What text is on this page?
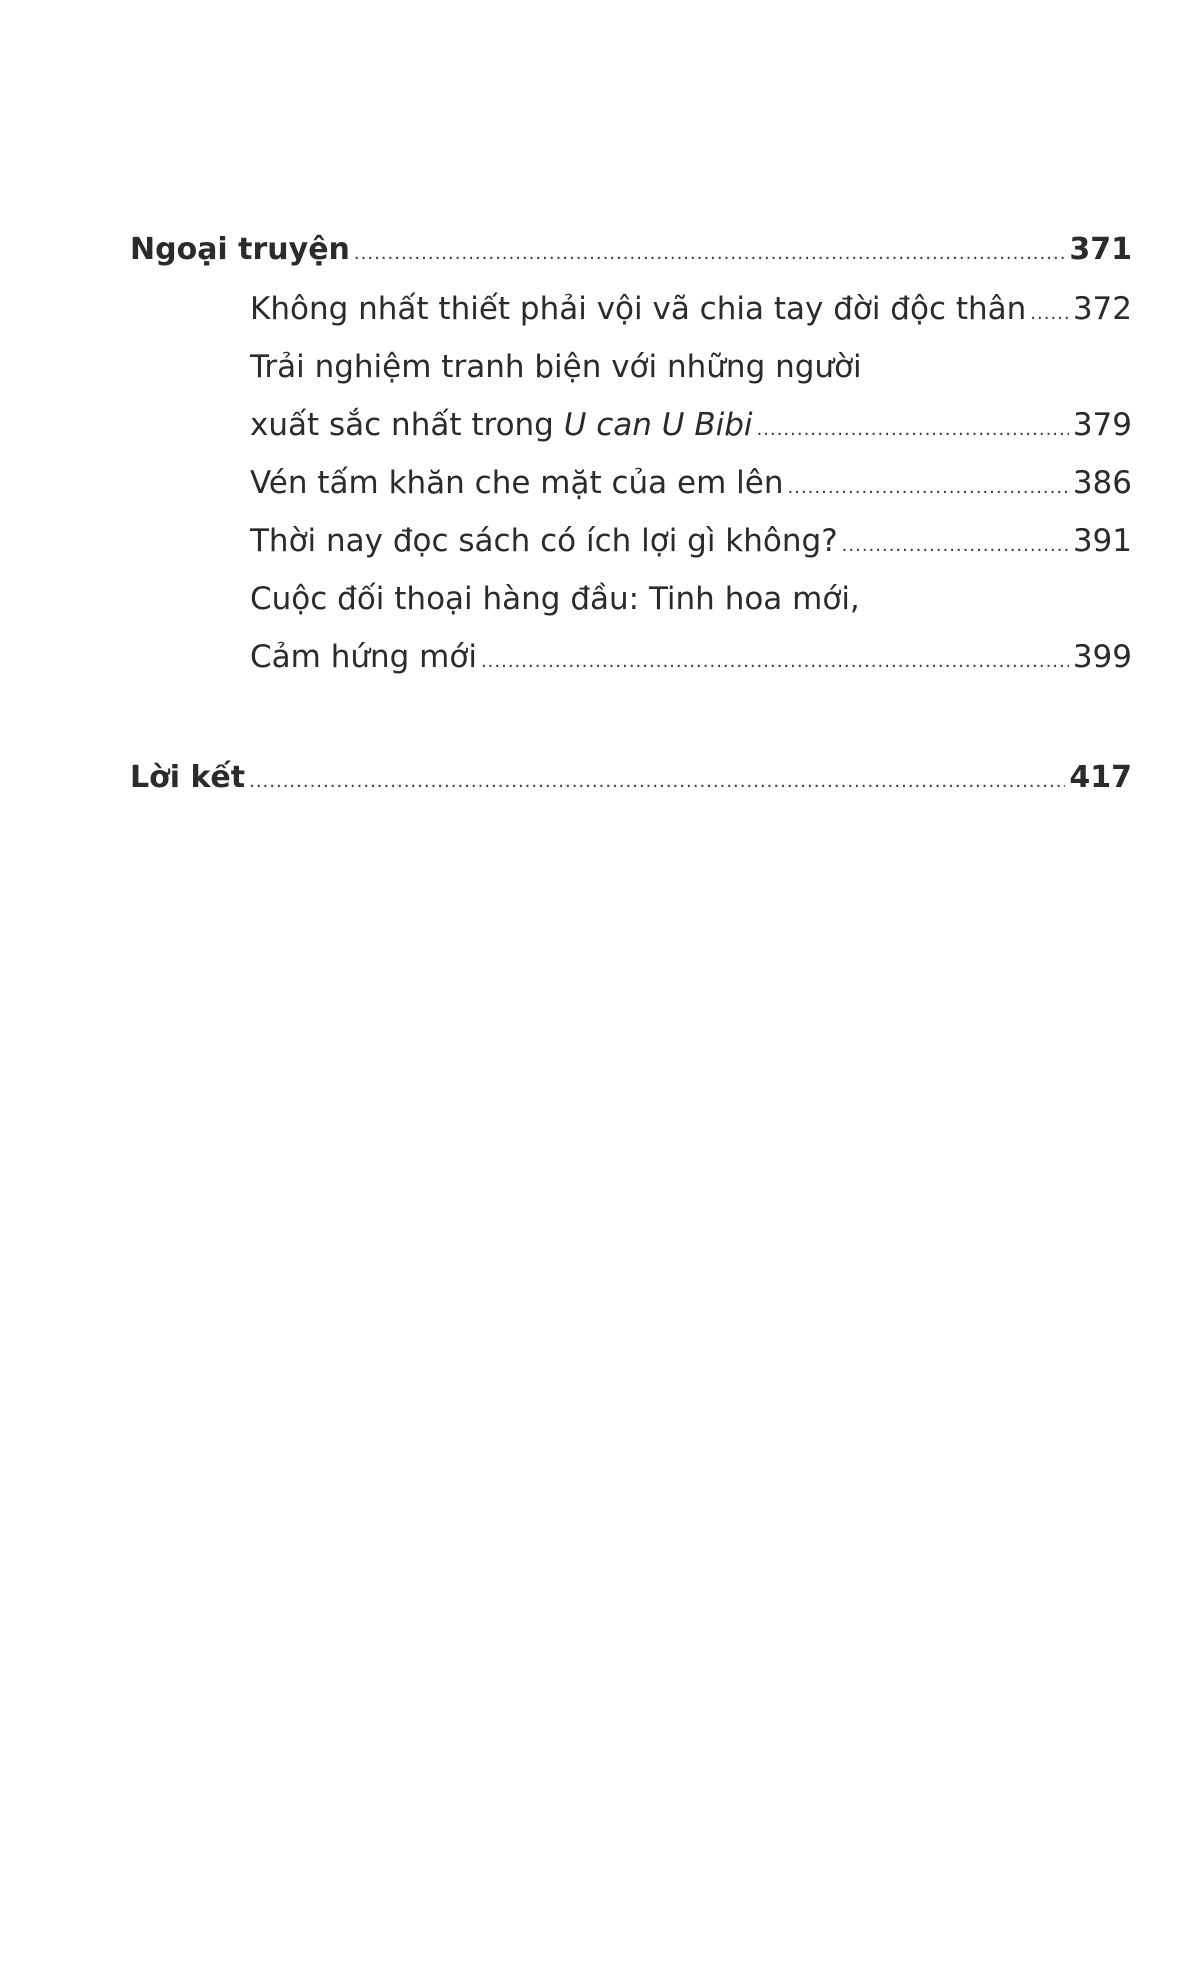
Ngoại truyện .....	371
Không nhất thiết phải vội vã chia tay đời độc thân ..... 372
Trải nghiệm tranh biện với những người
xuất sắc nhất trong U can U Bibi .....	379
Vén tấm khăn che mặt của em lên .....	386
Thời nay đọc sách có ích lợi gì không? .....	391
Cuộc đối thoại hàng đầu: Tinh hoa mới,
Cảm hứng mới .....	399
Lời kết .....	417
